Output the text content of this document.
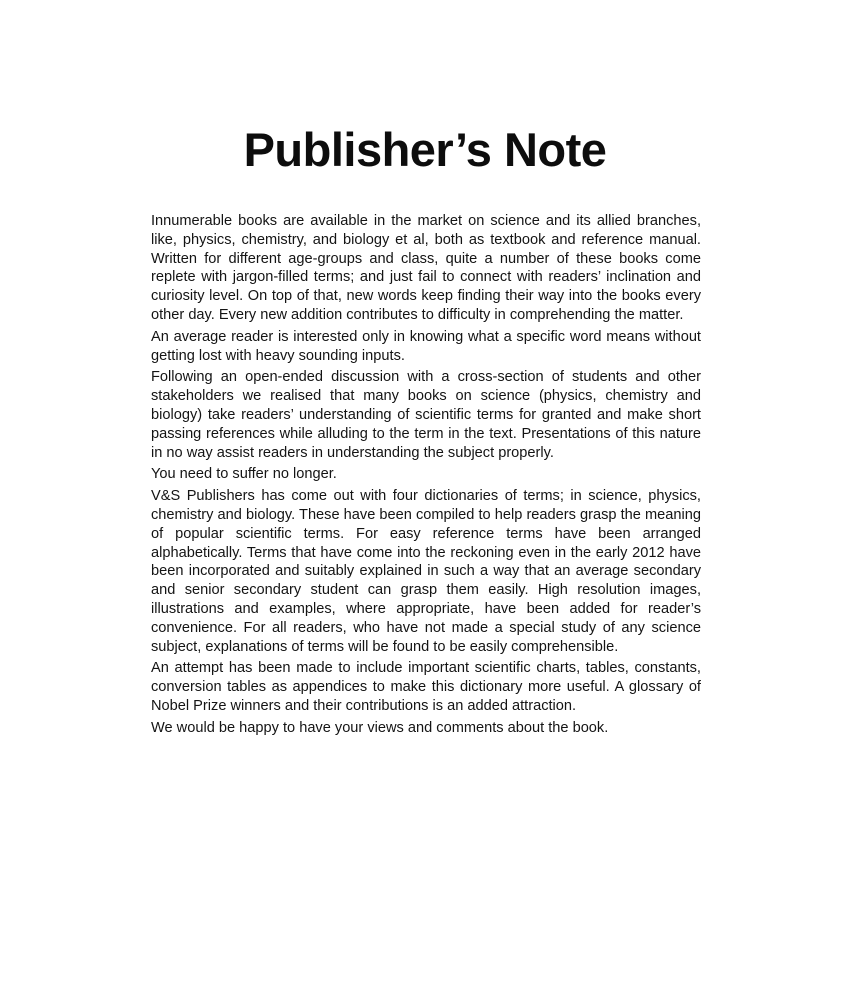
Publisher’s Note

Innumerable books are available in the market on science and its allied branches, like, physics, chemistry, and biology et al, both as textbook and reference manual. Written for different age-groups and class, quite a number of these books come replete with jargon-filled terms; and just fail to connect with readers’ inclination and curiosity level. On top of that, new words keep finding their way into the books every other day. Every new addition contributes to difficulty in comprehending the matter.

An average reader is interested only in knowing what a specific word means without getting lost with heavy sounding inputs.

Following an open-ended discussion with a cross-section of students and other stakeholders we realised that many books on science (physics, chemistry and biology) take readers’ understanding of scientific terms for granted and make short passing references while alluding to the term in the text. Presentations of this nature in no way assist readers in understanding the subject properly.

You need to suffer no longer.

V&S Publishers has come out with four dictionaries of terms; in science, physics, chemistry and biology. These have been compiled to help readers grasp the meaning of popular scientific terms. For easy reference terms have been arranged alphabetically. Terms that have come into the reckoning even in the early 2012 have been incorporated and suitably explained in such a way that an average secondary and senior secondary student can grasp them easily. High resolution images, illustrations and examples, where appropriate, have been added for reader’s convenience. For all readers, who have not made a special study of any science subject, explanations of terms will be found to be easily comprehensible.

An attempt has been made to include important scientific charts, tables, constants, conversion tables as appendices to make this dictionary more useful. A glossary of Nobel Prize winners and their contributions is an added attraction.

We would be happy to have your views and comments about the book.
